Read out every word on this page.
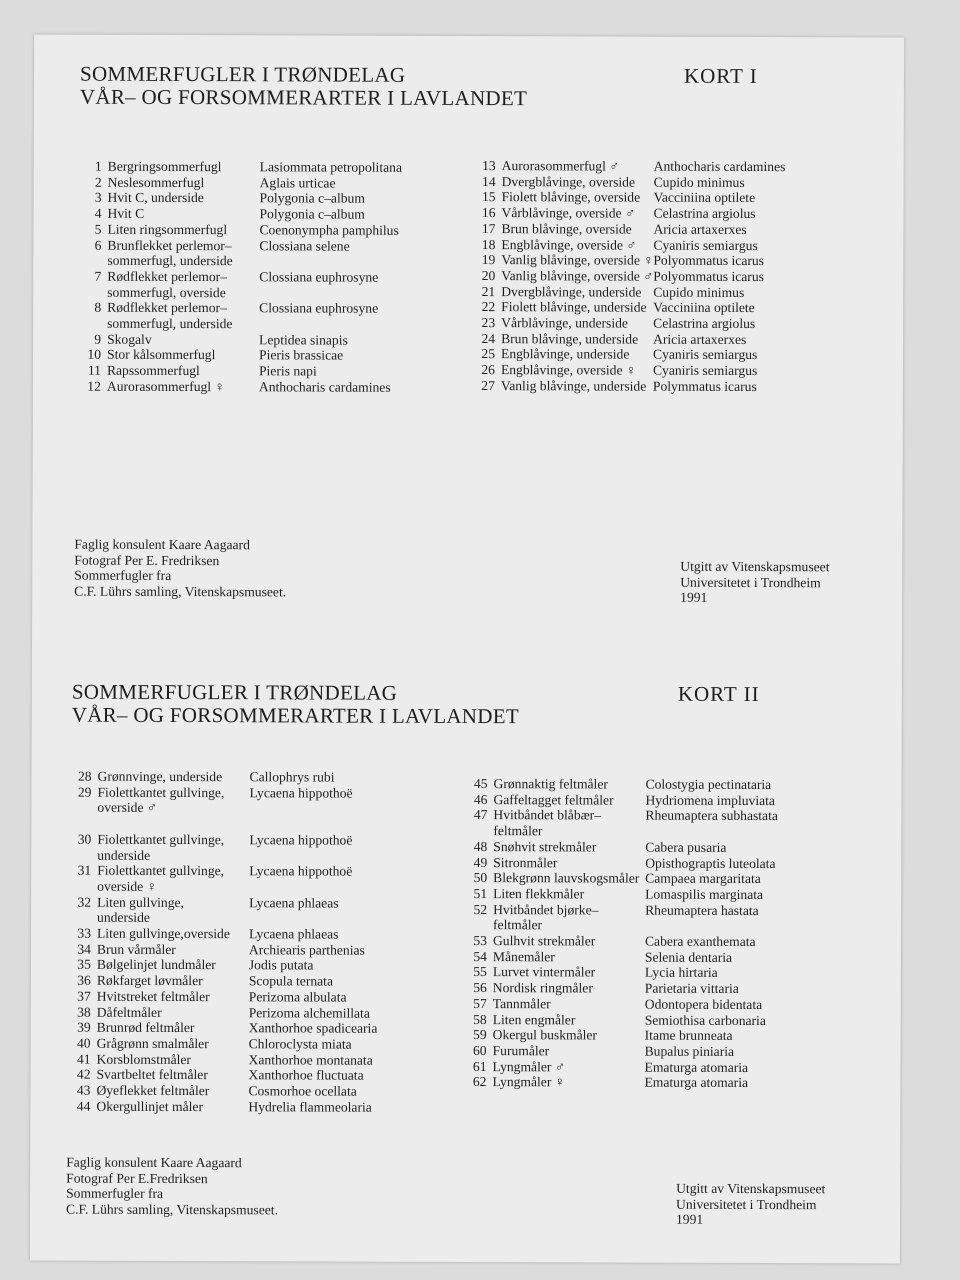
SOMMERFUGLER I TRØNDELAG
VÅR– OG FORSOMMERARTER I LAVLANDET
KORT I
1 Bergringsommerfugl	Lasiommata petropolitana
2 Neslesommerfugl	Aglais urticae
3 Hvit C, underside	Polygonia c–album
4 Hvit C	Polygonia c–album
5 Liten ringsommerfugl	Coenonympha pamphilus
6 Brunflekket perlemor–
sommerfugl, underside
Clossiana selene
7 Rødflekket perlemor–
sommerfugl, overside
Clossiana euphrosyne
8 Rødflekket perlemor–
sommerfugl, underside
Clossiana euphrosyne
9 Skogalv	Leptidea sinapis
10 Stor kålsommerfugl	Pieris brassicae
11 Rapssommerfugl	Pieris napi
12 Aurorasommerfugl ♀	Anthocharis cardamines
13 Aurorasommerfugl ♂	Anthocharis cardamines
14 Dvergblåvinge, overside	Cupido minimus
15 Fiolett blåvinge, overside Vacciniina optilete
16 Vårblåvinge, overside ♂	Celastrina argiolus
17 Brun blåvinge, overside	Aricia artaxerxes
18 Engblåvinge, overside ♂	Cyaniris semiargus
19 Vanlig blåvinge, overside ♀ Polyommatus icarus
20 Vanlig blåvinge, overside ♂ Polyommatus icarus
21 Dvergblåvinge, underside Cupido minimus
22 Fiolett blåvinge, underside Vacciniina optilete
23 Vårblåvinge, underside	Celastrina argiolus
24 Brun blåvinge, underside	Aricia artaxerxes
25 Engblåvinge, underside	Cyaniris semiargus
26 Engblåvinge, overside ♀	Cyaniris semiargus
27 Vanlig blåvinge, underside Polymmatus icarus
Faglig konsulent Kaare Aagaard
Fotograf Per E. Fredriksen
Sommerfugler fra
C.F. Lührs samling, Vitenskapsmuseet.
Utgitt av Vitenskapsmuseet
Universitetet i Trondheim
1991
SOMMERFUGLER I TRØNDELAG
VÅR– OG FORSOMMERARTER I LAVLANDET
KORT II
28 Grønnvinge, underside	Callophrys rubi
29 Fiolettkantet gullvinge,
overside ♂
Lycaena hippothoë

30 Fiolettkantet gullvinge,
underside
Lycaena hippothoë
31 Fiolettkantet gullvinge,
overside ♀
Lycaena hippothoë
32 Liten gullvinge,
underside
Lycaena phlaeas
33 Liten gullvinge,overside	Lycaena phlaeas
34 Brun vårmåler	Archiearis parthenias
35 Bølgelinjet lundmåler	Jodis putata
36 Røkfarget løvmåler	Scopula ternata
37 Hvitstreket feltmåler	Perizoma albulata
38 Dåfeltmåler	Perizoma alchemillata
39 Brunrød feltmåler	Xanthorhoe spadicearia
40 Grågrønn smalmåler	Chloroclysta miata
41 Korsblomstmåler	Xanthorhoe montanata
42 Svartbeltet feltmåler	Xanthorhoe fluctuata
43 Øyeflekket feltmåler	Cosmorhoe ocellata
44 Okergullinjet måler	Hydrelia flammeolaria
45 Grønnaktig feltmåler	Colostygia pectinataria
46 Gaffeltagget feltmåler	Hydriomena impluviata
47 Hvitbåndet blåbær–
feltmåler
Rheumaptera subhastata
48 Snøhvit strekmåler	Cabera pusaria
49 Sitronmåler	Opisthograptis luteolata
50 Blekgrønn lauvskogsmåler Campaea margaritata
51 Liten flekkmåler	Lomaspilis marginata
52 Hvitbåndet bjørke–
feltmåler
Rheumaptera hastata
53 Gulhvit strekmåler	Cabera exanthemata
54 Månemåler	Selenia dentaria
55 Lurvet vintermåler	Lycia hirtaria
56 Nordisk ringmåler	Parietaria vittaria
57 Tannmåler	Odontopera bidentata
58 Liten engmåler	Semiothisa carbonaria
59 Okergul buskmåler	Itame brunneata
60 Furumåler	Bupalus piniaria
61 Lyngmåler ♂	Ematurga atomaria
62 Lyngmåler ♀	Ematurga atomaria
Faglig konsulent Kaare Aagaard
Fotograf Per E.Fredriksen
Sommerfugler fra
C.F. Lührs samling, Vitenskapsmuseet.
Utgitt av Vitenskapsmuseet
Universitetet i Trondheim
1991
